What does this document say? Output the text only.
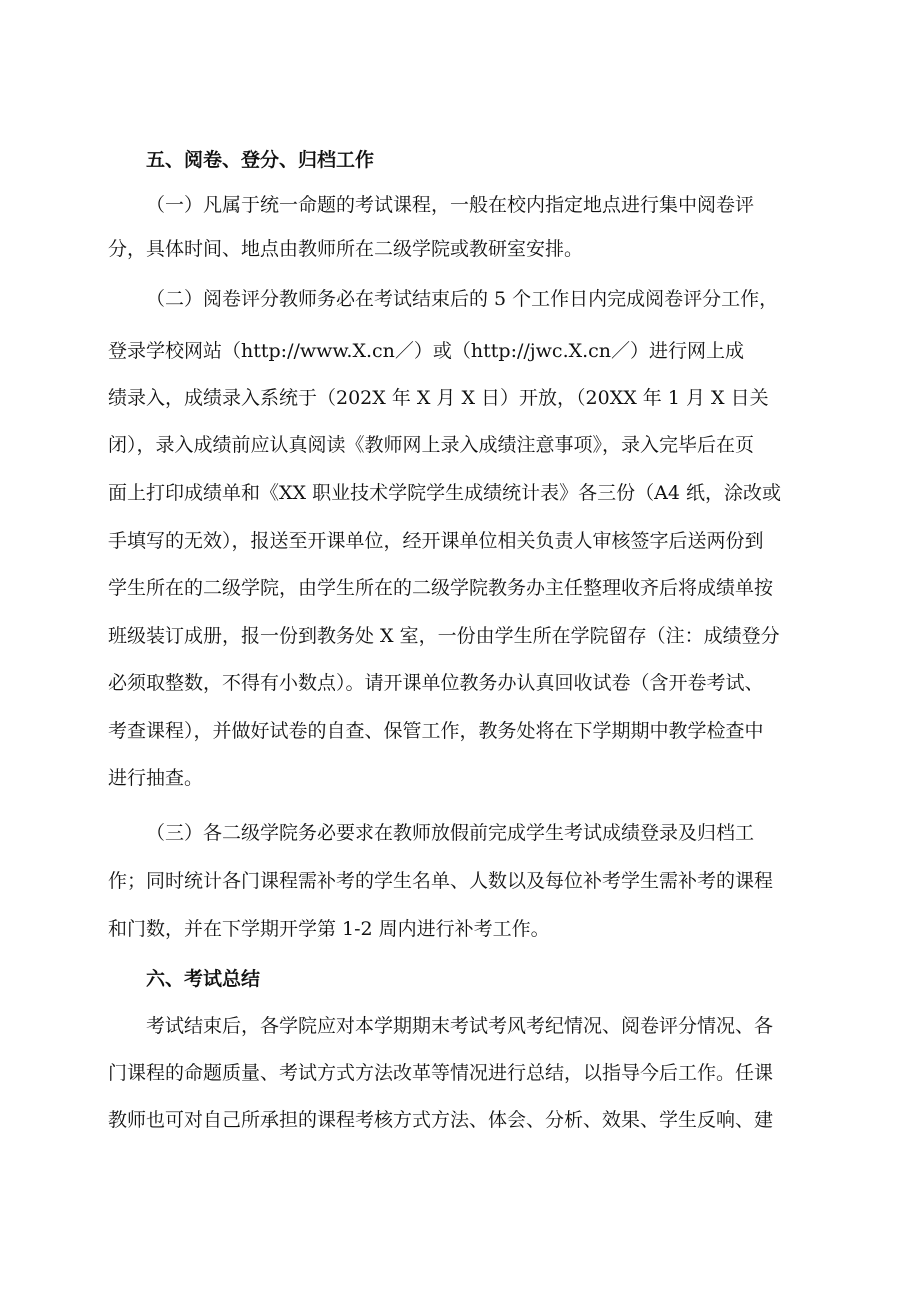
五、阅卷、登分、归档工作
（一）凡属于统一命题的考试课程，一般在校内指定地点进行集中阅卷评
分，具体时间、地点由教师所在二级学院或教研室安排。
（二）阅卷评分教师务必在考试结束后的 5 个工作日内完成阅卷评分工作，
登录学校网站（http://www.X.cn／）或（http://jwc.X.cn／）进行网上成
绩录入，成绩录入系统于（202X 年 X 月 X 日）开放，（20XX 年 1 月 X 日关
闭），录入成绩前应认真阅读《教师网上录入成绩注意事项》，录入完毕后在页
面上打印成绩单和《XX 职业技术学院学生成绩统计表》各三份（A4 纸，涂改或
手填写的无效），报送至开课单位，经开课单位相关负责人审核签字后送两份到
学生所在的二级学院，由学生所在的二级学院教务办主任整理收齐后将成绩单按
班级装订成册，报一份到教务处 X 室，一份由学生所在学院留存（注：成绩登分
必须取整数，不得有小数点）。请开课单位教务办认真回收试卷（含开卷考试、
考查课程），并做好试卷的自查、保管工作，教务处将在下学期期中教学检查中
进行抽查。
（三）各二级学院务必要求在教师放假前完成学生考试成绩登录及归档工
作；同时统计各门课程需补考的学生名单、人数以及每位补考学生需补考的课程
和门数，并在下学期开学第 1-2 周内进行补考工作。
六、考试总结
考试结束后，各学院应对本学期期末考试考风考纪情况、阅卷评分情况、各
门课程的命题质量、考试方式方法改革等情况进行总结，以指导今后工作。任课
教师也可对自己所承担的课程考核方式方法、体会、分析、效果、学生反响、建
